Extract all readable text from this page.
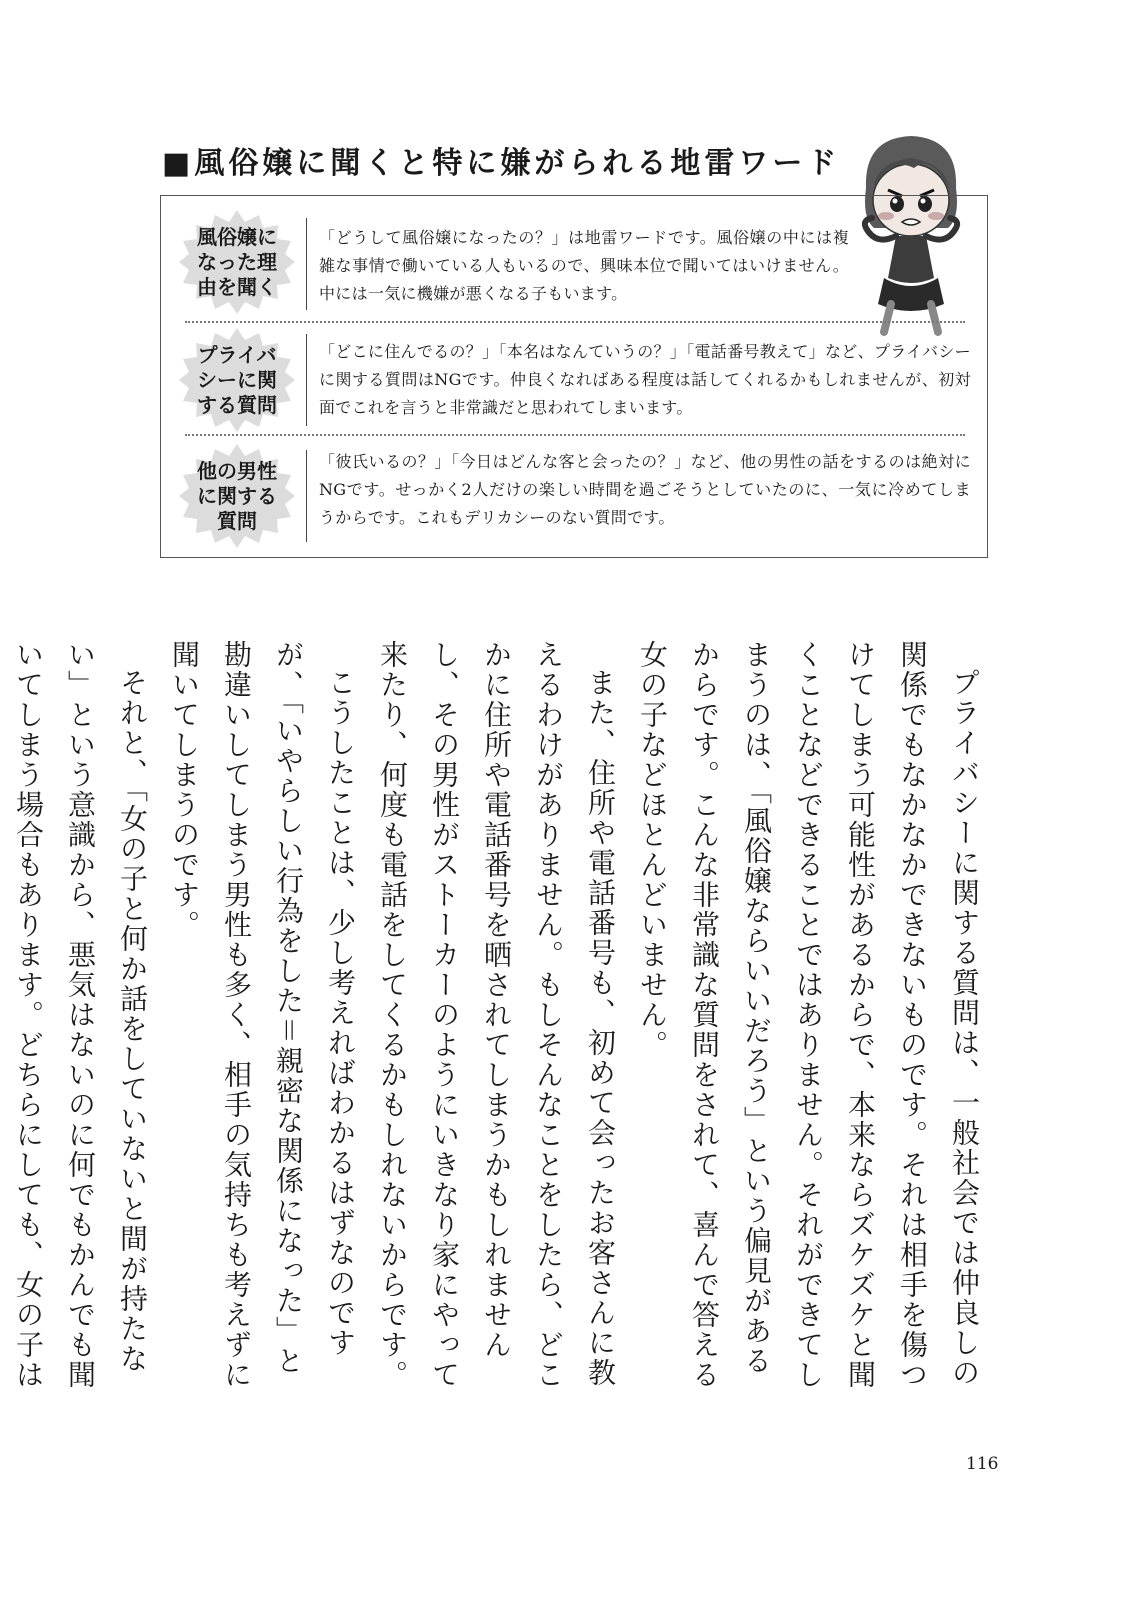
■風俗嬢に聞くと特に嫌がられる地雷ワード
風俗嬢に
なった理
由を聞く
「どうして風俗嬢になったの？」は地雷ワードです。風俗嬢の中には複雑な事情で働いている人もいるので、興味本位で聞いてはいけません。中には一気に機嫌が悪くなる子もいます。
プライバ
シーに関
する質問
「どこに住んでるの？」「本名はなんていうの？」「電話番号教えて」など、プライバシーに関する質問はNGです。仲良くなればある程度は話してくれるかもしれませんが、初対面でこれを言うと非常識だと思われてしまいます。
他の男性
に関する
質問
「彼氏いるの？」「今日はどんな客と会ったの？」など、他の男性の話をするのは絶対にNGです。せっかく2人だけの楽しい時間を過ごそうとしていたのに、一気に冷めてしまうからです。これもデリカシーのない質問です。

プライバシーに関する質問は、一般社会では仲良しの関係でもなかなかできないものです。それは相手を傷つけてしまう可能性があるからで、本来ならズケズケと聞くことなどできることではありません。それができてしまうのは、「風俗嬢ならいいだろう」という偏見があるからです。こんな非常識な質問をされて、喜んで答える女の子などほとんどいません。

また、住所や電話番号も、初めて会ったお客さんに教えるわけがありません。もしそんなことをしたら、どこかに住所や電話番号を晒されてしまうかもしれませんし、その男性がストーカーのようにいきなり家にやって来たり、何度も電話をしてくるかもしれないからです。

こうしたことは、少し考えればわかるはずなのですが、「いやらしい行為をした＝親密な関係になった」と勘違いしてしまう男性も多く、相手の気持ちも考えずに聞いてしまうのです。

それと、「女の子と何か話をしていないと間が持たない」という意識から、悪気はないのに何でもかんでも聞いてしまう場合もあります。どちらにしても、女の子は

116
